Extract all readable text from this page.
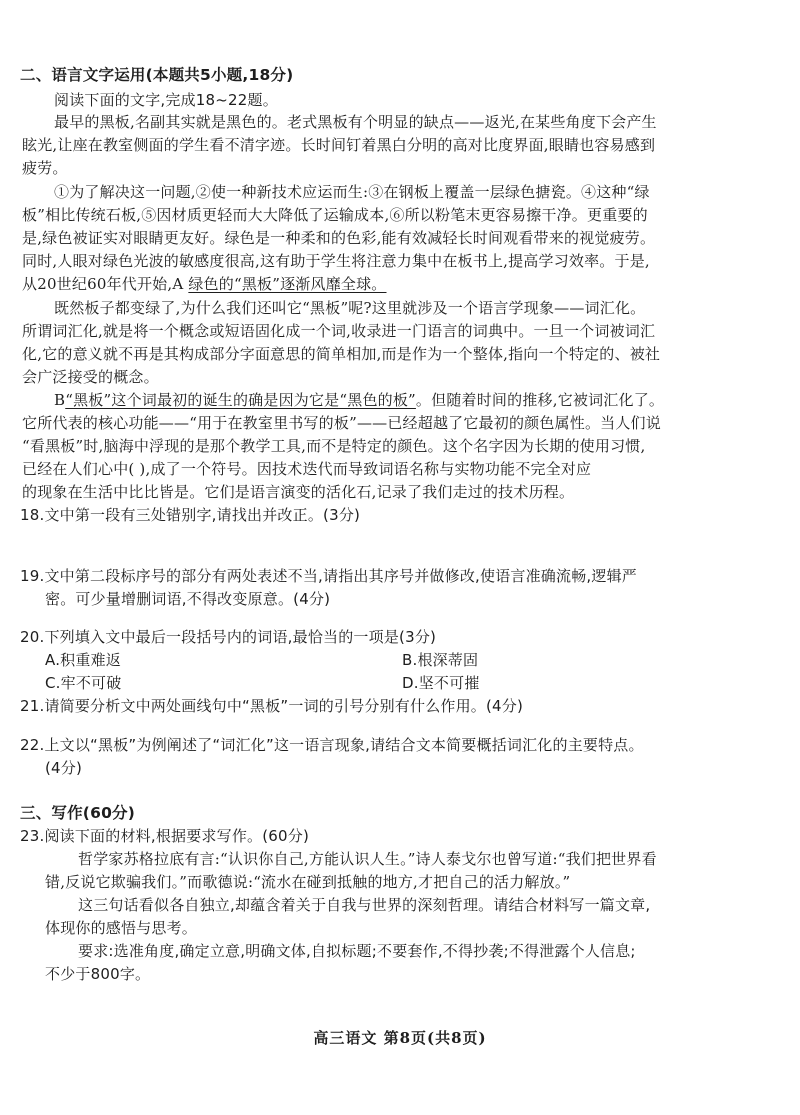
二、语言文字运用(本题共5小题,18分)
阅读下面的文字,完成18~22题。
最早的黑板,名副其实就是黑色的。老式黑板有个明显的缺点——返光,在某些角度下会产生
眩光,让座在教室侧面的学生看不清字迹。长时间钉着黑白分明的高对比度界面,眼睛也容易感到
疲劳。
①为了解决这一问题,②使一种新技术应运而生:③在钢板上覆盖一层绿色搪瓷。④这种“绿
板”相比传统石板,⑤因材质更轻而大大降低了运输成本,⑥所以粉笔末更容易擦干净。更重要的
是,绿色被证实对眼睛更友好。绿色是一种柔和的色彩,能有效减轻长时间观看带来的视觉疲劳。
同时,人眼对绿色光波的敏感度很高,这有助于学生将注意力集中在板书上,提高学习效率。于是,
从20世纪60年代开始,A 绿色的“黑板”逐渐风靡全球。
既然板子都变绿了,为什么我们还叫它“黑板”呢?这里就涉及一个语言学现象——词汇化。
所谓词汇化,就是将一个概念或短语固化成一个词,收录进一门语言的词典中。一旦一个词被词汇
化,它的意义就不再是其构成部分字面意思的简单相加,而是作为一个整体,指向一个特定的、被社
会广泛接受的概念。
B“黑板”这个词最初的诞生的确是因为它是“黑色的板”。但随着时间的推移,它被词汇化了。
它所代表的核心功能——“用于在教室里书写的板”——已经超越了它最初的颜色属性。当人们说
“看黑板”时,脑海中浮现的是那个教学工具,而不是特定的颜色。这个名字因为长期的使用习惯,
已经在人们心中( ),成了一个符号。因技术迭代而导致词语名称与实物功能不完全对应
的现象在生活中比比皆是。它们是语言演变的活化石,记录了我们走过的技术历程。
18.文中第一段有三处错别字,请找出并改正。(3分)
19.文中第二段标序号的部分有两处表述不当,请指出其序号并做修改,使语言准确流畅,逻辑严
密。可少量增删词语,不得改变原意。(4分)
20.下列填入文中最后一段括号内的词语,最恰当的一项是(3分)
A.积重难返	B.根深蒂固
C.牢不可破	D.坚不可摧
21.请简要分析文中两处画线句中“黑板”一词的引号分别有什么作用。(4分)
22.上文以“黑板”为例阐述了“词汇化”这一语言现象,请结合文本简要概括词汇化的主要特点。
(4分)
三、写作(60分)
23.阅读下面的材料,根据要求写作。(60分)
哲学家苏格拉底有言:“认识你自己,方能认识人生。”诗人泰戈尔也曾写道:“我们把世界看
错,反说它欺骗我们。”而歌德说:“流水在碰到抵触的地方,才把自己的活力解放。”
这三句话看似各自独立,却蕴含着关于自我与世界的深刻哲理。请结合材料写一篇文章,
体现你的感悟与思考。
要求:选准角度,确定立意,明确文体,自拟标题;不要套作,不得抄袭;不得泄露个人信息;
不少于800字。
高三语文 第8页(共8页)
